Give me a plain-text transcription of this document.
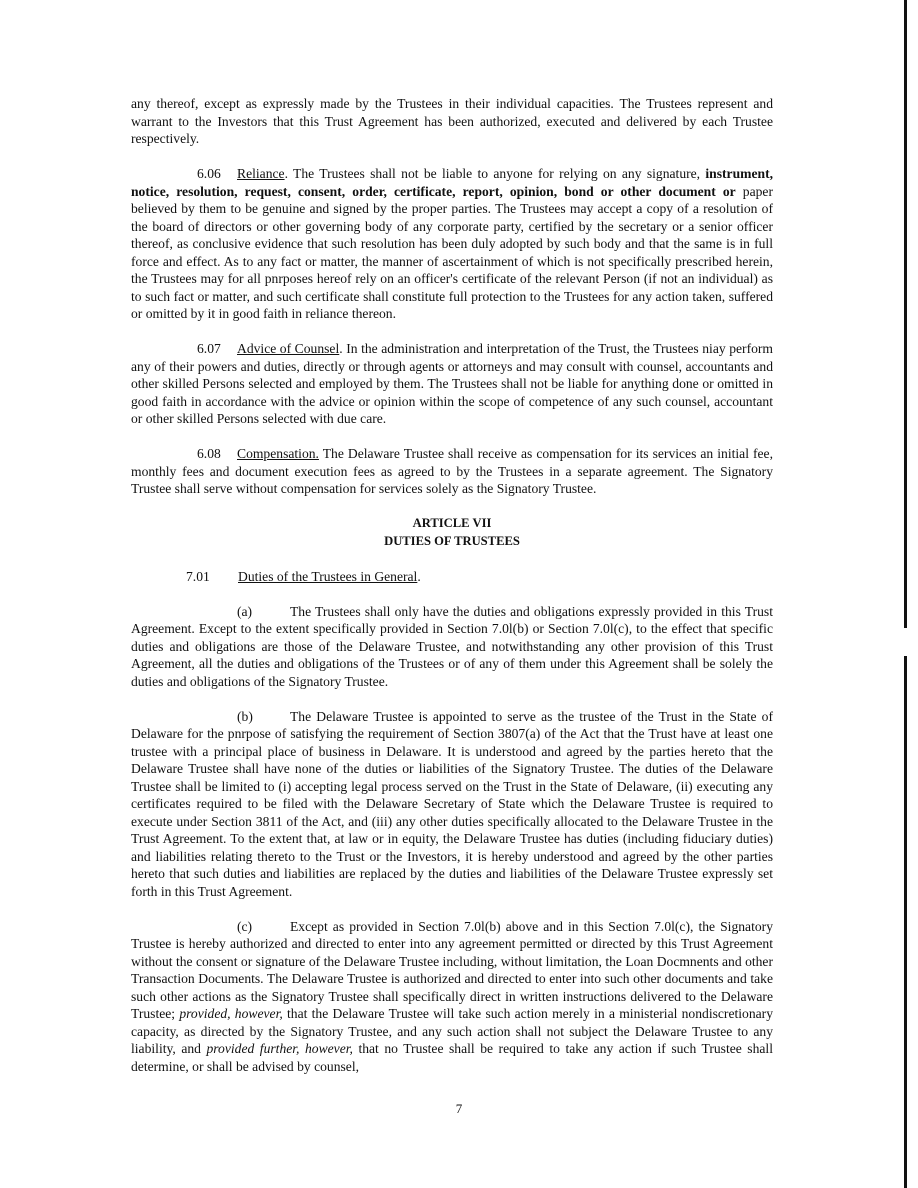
any thereof, except as expressly made by the Trustees in their individual capacities. The Trustees represent and warrant to the Investors that this Trust Agreement has been authorized, executed and delivered by each Trustee respectively.

6.06 Reliance. The Trustees shall not be liable to anyone for relying on any signature, instrument, notice, resolution, request, consent, order, certificate, report, opinion, bond or other document or paper believed by them to be genuine and signed by the proper parties. The Trustees may accept a copy of a resolution of the board of directors or other governing body of any corporate party, certified by the secretary or a senior officer thereof, as conclusive evidence that such resolution has been duly adopted by such body and that the same is in full force and effect. As to any fact or matter, the manner of ascertainment of which is not specifically prescribed herein, the Trustees may for all pnrposes hereof rely on an officer's certificate of the relevant Person (if not an individual) as to such fact or matter, and such certificate shall constitute full protection to the Trustees for any action taken, suffered or omitted by it in good faith in reliance thereon.

6.07 Advice of Counsel. In the administration and interpretation of the Trust, the Trustees niay perform any of their powers and duties, directly or through agents or attorneys and may consult with counsel, accountants and other skilled Persons selected and employed by them. The Trustees shall not be liable for anything done or omitted in good faith in accordance with the advice or opinion within the scope of competence of any such counsel, accountant or other skilled Persons selected with due care.

6.08 Compensation. The Delaware Trustee shall receive as compensation for its services an initial fee, monthly fees and document execution fees as agreed to by the Trustees in a separate agreement. The Signatory Trustee shall serve without compensation for services solely as the Signatory Trustee.

ARTICLE VII
DUTIES OF TRUSTEES

7.01 Duties of the Trustees in General.

(a)	The Trustees shall only have the duties and obligations expressly provided in this Trust Agreement. Except to the extent specifically provided in Section 7.0l(b) or Section 7.0l(c), to the effect that specific duties and obligations are those of the Delaware Trustee, and notwithstanding any other provision of this Trust Agreement, all the duties and obligations of the Trustees or of any of them under this Agreement shall be solely the duties and obligations of the Signatory Trustee.

(b)	The Delaware Trustee is appointed to serve as the trustee of the Trust in the State of Delaware for the pnrpose of satisfying the requirement of Section 3807(a) of the Act that the Trust have at least one trustee with a principal place of business in Delaware. It is understood and agreed by the parties hereto that the Delaware Trustee shall have none of the duties or liabilities of the Signatory Trustee. The duties of the Delaware Trustee shall be limited to (i) accepting legal process served on the Trust in the State of Delaware, (ii) executing any certificates required to be filed with the Delaware Secretary of State which the Delaware Trustee is required to execute under Section 3811 of the Act, and (iii) any other duties specifically allocated to the Delaware Trustee in the Trust Agreement. To the extent that, at law or in equity, the Delaware Trustee has duties (including fiduciary duties) and liabilities relating thereto to the Trust or the Investors, it is hereby understood and agreed by the other parties hereto that such duties and liabilities are replaced by the duties and liabilities of the Delaware Trustee expressly set forth in this Trust Agreement.

(c)	Except as provided in Section 7.0l(b) above and in this Section 7.0l(c), the Signatory Trustee is hereby authorized and directed to enter into any agreement permitted or directed by this Trust Agreement without the consent or signature of the Delaware Trustee including, without limitation, the Loan Docmnents and other Transaction Documents. The Delaware Trustee is authorized and directed to enter into such other documents and take such other actions as the Signatory Trustee shall specifically direct in written instructions delivered to the Delaware Trustee; provided, however, that the Delaware Trustee will take such action merely in a ministerial nondiscretionary capacity, as directed by the Signatory Trustee, and any such action shall not subject the Delaware Trustee to any liability, and provided further, however, that no Trustee shall be required to take any action if such Trustee shall determine, or shall be advised by counsel,

7
